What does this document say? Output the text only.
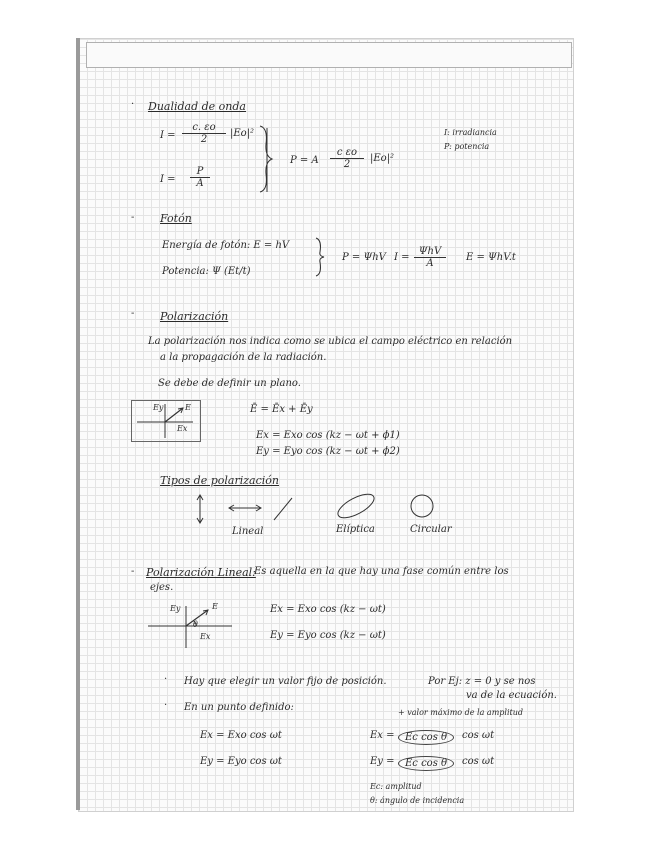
· Dualidad de onda
$I = \frac{c. \varepsilon o}{2} |Eo|^2$
$I = \frac{P}{A}$
P = A $\frac{\text{c εo}}{2} |Eo|^2$
I: irradiancia
P: potencia
- Fotón
Energía de fotón: E = hV
Potencia: Ψ (Et/t)
P = ΨhV I =
ΨhV
A
E = ΨhV.t
- Polarización
La polarización nos indica como se ubica el campo eléctrico en relación
a la propagación de la radiación.
Se debe de definir un plano.
Ey	E
Ex
Ē = Ēx + Ēy
Ex = Exo cos (kz − ωt + ϕ1)
Ey = Eyo cos (kz − ωt + ϕ2)
Tipos de polarización
Lineal	Elíptica	Circular
- Polarización Lineal:
Es aquella en la que hay una fase común entre los
ejes.
Ey	E
θ
Ex
Ex = Exo cos (kz − ωt)
Ey = Eyo cos (kz − ωt)
· Hay que elegir un valor fijo de posición.	Por Ej: z = 0 y se nos
va de la ecuación.
· En un punto definido:	+ valor máximo de la amplitud
Ex = Exo cos ωt
Ey = Eyo cos ωt
Ex =	Ec cos θ	cos ωt
Ey =	Ec cos θ	cos ωt
Ec: amplitud
θ: ángulo de incidencia
